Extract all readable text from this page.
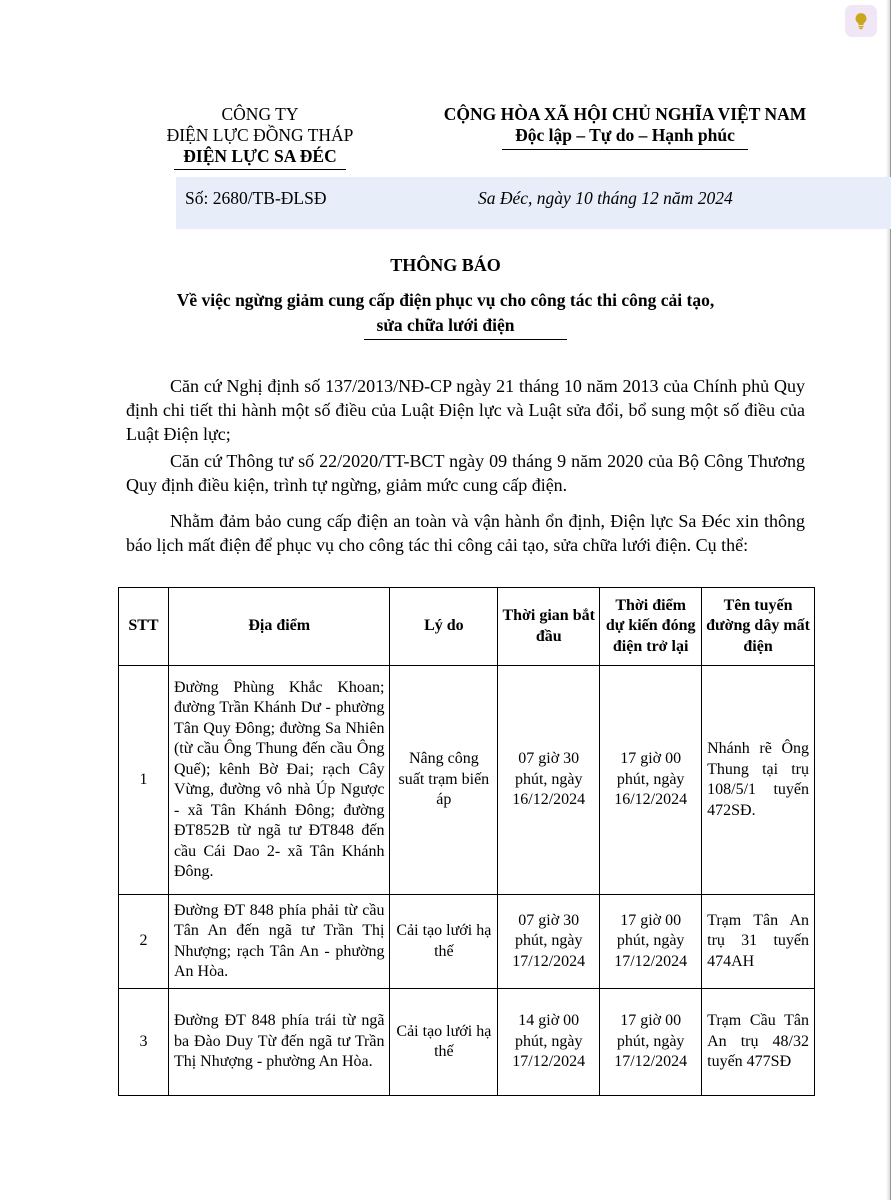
CÔNG TY
ĐIỆN LỰC ĐỒNG THÁP
ĐIỆN LỰC SA ĐÉC
CỘNG HÒA XÃ HỘI CHỦ NGHĨA VIỆT NAM
Độc lập – Tự do – Hạnh phúc
Số: 2680/TB-ĐLSĐ	Sa Đéc, ngày 10 tháng 12 năm 2024
THÔNG BÁO
Về việc ngừng giảm cung cấp điện phục vụ cho công tác thi công cải tạo,
sửa chữa lưới điện

Căn cứ Nghị định số 137/2013/NĐ-CP ngày 21 tháng 10 năm 2013 của Chính phủ Quy định chi tiết thi hành một số điều của Luật Điện lực và Luật sửa đổi, bổ sung một số điều của Luật Điện lực;

Căn cứ Thông tư số 22/2020/TT-BCT ngày 09 tháng 9 năm 2020 của Bộ Công Thương Quy định điều kiện, trình tự ngừng, giảm mức cung cấp điện.

Nhằm đảm bảo cung cấp điện an toàn và vận hành ổn định, Điện lực Sa Đéc xin thông báo lịch mất điện để phục vụ cho công tác thi công cải tạo, sửa chữa lưới điện. Cụ thể:

STT	Địa điểm	Lý do	Thời gian bắt đầu	Thời điểm dự kiến đóng điện trở lại	Tên tuyến đường dây mất điện
1	Đường Phùng Khắc Khoan; đường Trần Khánh Dư - phường Tân Quy Đông; đường Sa Nhiên (từ cầu Ông Thung đến cầu Ông Quế); kênh Bờ Đai; rạch Cây Vừng, đường vô nhà Úp Ngược - xã Tân Khánh Đông; đường ĐT852B từ ngã tư ĐT848 đến cầu Cái Dao 2- xã Tân Khánh Đông.	Nâng công suất trạm biến áp	07 giờ 30 phút, ngày 16/12/2024	17 giờ 00 phút, ngày 16/12/2024	Nhánh rẽ Ông Thung tại trụ 108/5/1 tuyến 472SĐ.
2	Đường ĐT 848 phía phải từ cầu Tân An đến ngã tư Trần Thị Nhượng; rạch Tân An - phường An Hòa.	Cải tạo lưới hạ thế	07 giờ 30 phút, ngày 17/12/2024	17 giờ 00 phút, ngày 17/12/2024	Trạm Tân An trụ 31 tuyến 474AH
3	Đường ĐT 848 phía trái từ ngã ba Đào Duy Từ đến ngã tư Trần Thị Nhượng - phường An Hòa.	Cải tạo lưới hạ thế	14 giờ 00 phút, ngày 17/12/2024	17 giờ 00 phút, ngày 17/12/2024	Trạm Cầu Tân An trụ 48/32 tuyến 477SĐ
